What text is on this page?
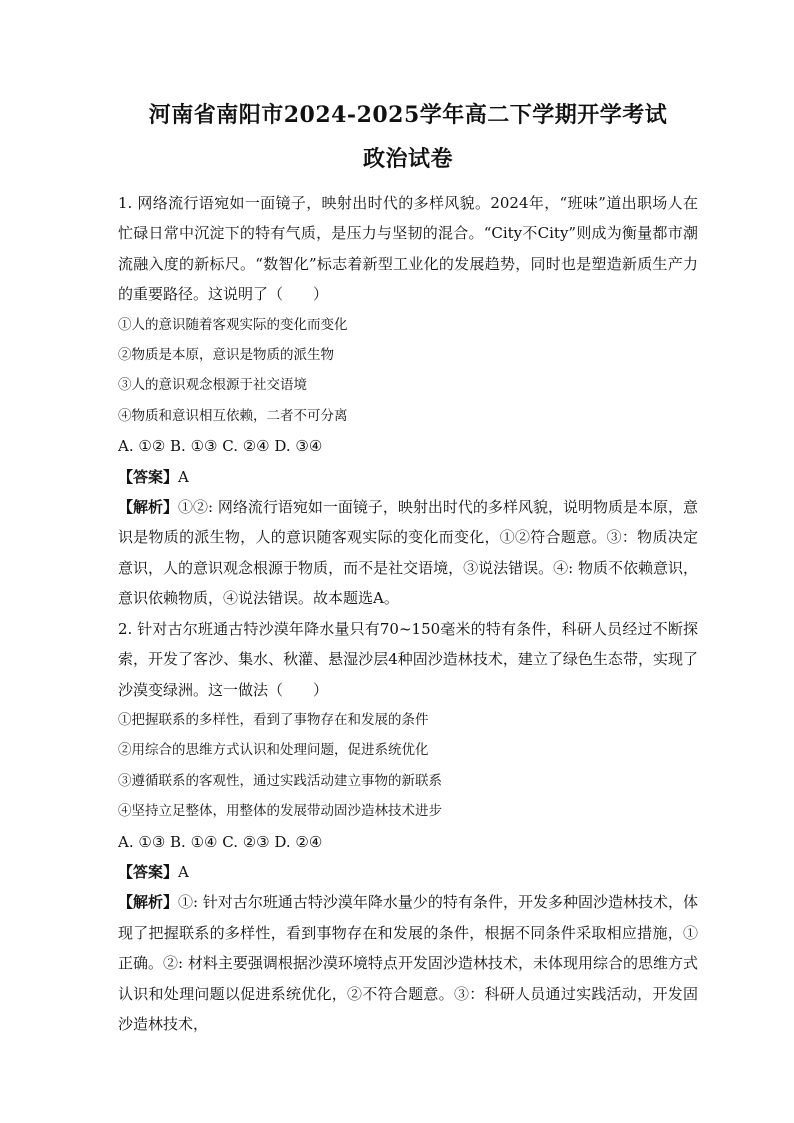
河南省南阳市2024-2025学年高二下学期开学考试
政治试卷

1. 网络流行语宛如一面镜子，映射出时代的多样风貌。2024年，“班味”道出职场人在忙碌日常中沉淀下的特有气质，是压力与坚韧的混合。“City不City”则成为衡量都市潮流融入度的新标尺。“数智化”标志着新型工业化的发展趋势，同时也是塑造新质生产力的重要路径。这说明了（　　）

①人的意识随着客观实际的变化而变化

②物质是本原，意识是物质的派生物

③人的意识观念根源于社交语境

④物质和意识相互依赖，二者不可分离

A. ①② B. ①③ C. ②④ D. ③④

【答案】A

【解析】①②: 网络流行语宛如一面镜子，映射出时代的多样风貌，说明物质是本原，意识是物质的派生物，人的意识随客观实际的变化而变化，①②符合题意。③：物质决定意识，人的意识观念根源于物质，而不是社交语境，③说法错误。④: 物质不依赖意识，意识依赖物质，④说法错误。故本题选A。

2. 针对古尔班通古特沙漠年降水量只有70~150毫米的特有条件，科研人员经过不断探索，开发了客沙、集水、秋灌、悬湿沙层4种固沙造林技术，建立了绿色生态带，实现了沙漠变绿洲。这一做法（　　）

①把握联系的多样性，看到了事物存在和发展的条件

②用综合的思维方式认识和处理问题，促进系统优化

③遵循联系的客观性，通过实践活动建立事物的新联系

④坚持立足整体，用整体的发展带动固沙造林技术进步

A. ①③ B. ①④ C. ②③ D. ②④

【答案】A

【解析】①: 针对古尔班通古特沙漠年降水量少的特有条件，开发多种固沙造林技术，体现了把握联系的多样性，看到事物存在和发展的条件，根据不同条件采取相应措施，①正确。②: 材料主要强调根据沙漠环境特点开发固沙造林技术，未体现用综合的思维方式认识和处理问题以促进系统优化，②不符合题意。③：科研人员通过实践活动，开发固沙造林技术，
